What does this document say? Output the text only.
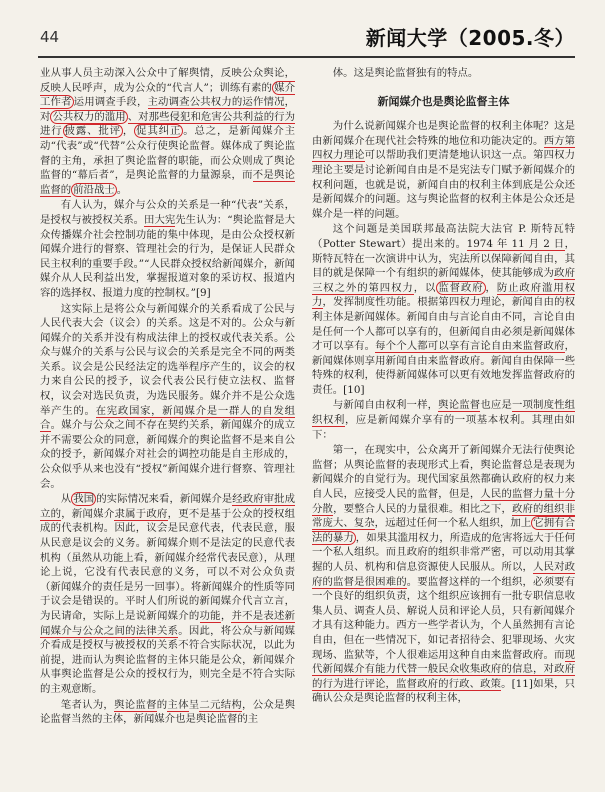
44	新闻大学（2005.冬）

业从事人员主动深入公众中了解舆情，反映公众舆论，反映人民呼声，成为公众的“代言人”；训练有素的 媒介工作者 运用调查手段，主动调查公共权力的运作情况，对 公共权力的滥用 、对那些侵犯和危害公共利益的行为进行 披露、批评 ， 促其纠正 。总之，是新闻媒介主动“代表”或“代替”公众行使舆论监督。媒体成了舆论监督的主角，承担了舆论监督的职能，而公众则成了舆论监督的“幕后者”，是舆论监督的力量源泉，而不是舆论监督的 前沿战士 。

有人认为，媒介与公众的关系是一种“代表”关系，是授权与被授权关系。田大宪先生认为：“舆论监督是大众传播媒介社会控制功能的集中体现，是由公众授权新闻媒介进行的督察、管理社会的行为，是保证人民群众民主权利的重要手段。”“人民群众授权给新闻媒介，新闻媒介从人民利益出发，掌握报道对象的采访权、报道内容的选择权、报道力度的控制权。”[9]

这实际上是将公众与新闻媒介的关系看成了公民与人民代表大会（议会）的关系。这是不对的。公众与新闻媒介的关系并没有构成法律上的授权或代表关系。公众与媒介的关系与公民与议会的关系是完全不同的两类关系。议会是公民经法定的选举程序产生的，议会的权力来自公民的授予，议会代表公民行使立法权、监督权，议会对选民负责，为选民服务。媒介并不是公众选举产生的。在宪政国家，新闻媒介是一群人的自发组合。媒介与公众之间不存在契约关系，新闻媒介的成立并不需要公众的同意，新闻媒介的舆论监督不是来自公众的授予，新闻媒介对社会的调控功能是自主形成的，公众似乎从来也没有“授权”新闻媒介进行督察、管理社会。

从 我国 的实际情况来看，新闻媒介是经政府审批成立的，新闻媒介隶属于政府，更不是基于公众的授权组成的代表机构。因此，议会是民意代表，代表民意，服从民意是议会的义务。新闻媒介则不是法定的民意代表机构（虽然从功能上看，新闻媒介经常代表民意），从理论上说，它没有代表民意的义务，可以不对公众负责（新闻媒介的责任是另一回事）。将新闻媒介的性质等同于议会是错误的。平时人们所说的新闻媒介代言立言，为民请命，实际上是说新闻媒介的功能，并不是表述新闻媒介与公众之间的法律关系。因此，将公众与新闻媒介看成是授权与被授权的关系不符合实际状况，以此为前提，进而认为舆论监督的主体只能是公众，新闻媒介从事舆论监督是公众的授权行为，则完全是不符合实际的主观意断。

笔者认为，舆论监督的主体呈二元结构，公众是舆论监督当然的主体，新闻媒介也是舆论监督的主

体。这是舆论监督独有的特点。

新闻媒介也是舆论监督主体

为什么说新闻媒介也是舆论监督的权利主体呢？这是由新闻媒介在现代社会特殊的地位和功能决定的。西方第四权力理论可以帮助我们更清楚地认识这一点。第四权力理论主要是讨论新闻自由是不是宪法专门赋予新闻媒介的权利问题，也就是说，新闻自由的权利主体到底是公众还是新闻媒介的问题。这与舆论监督的权利主体是公众还是媒介是一样的问题。

这个问题是美国联邦最高法院大法官 P. 斯特瓦特（Potter Stewart）提出来的。1974 年 11 月 2 日，斯特瓦特在一次演讲中认为，宪法所以保障新闻自由，其目的就是保障一个有组织的新闻媒体，使其能够成为政府三权之外的第四权力，以 监督政府 ，防止政府滥用权力，发挥制度性功能。根据第四权力理论，新闻自由的权利主体是新闻媒体。新闻自由与言论自由不同，言论自由是任何一个人都可以享有的，但新闻自由必须是新闻媒体才可以享有。每个个人都可以享有言论自由来监督政府，新闻媒体则享用新闻自由来监督政府。新闻自由保障一些特殊的权利，使得新闻媒体可以更有效地发挥监督政府的责任。[10]

与新闻自由权利一样，舆论监督也应是一项制度性组织权利，应是新闻媒介享有的一项基本权利。其理由如下：

第一，在现实中，公众离开了新闻媒介无法行使舆论监督；从舆论监督的表现形式上看，舆论监督总是表现为新闻媒介的自觉行为。现代国家虽然都确认政府的权力来自人民，应接受人民的监督，但是，人民的监督力量十分分散，要整合人民的力量很难。相比之下，政府的组织非常庞大、复杂，远超过任何一个私人组织，加上 它拥有合法的暴力 ，如果其滥用权力，所造成的危害将远大于任何一个私人组织。而且政府的组织非常严密，可以动用其掌握的人员、机构和信息资源使人民服从。所以，人民对政府的监督是很困难的。要监督这样的一个组织，必须要有一个良好的组织负责，这个组织应该拥有一批专职信息收集人员、调查人员、解说人员和评论人员，只有新闻媒介才具有这种能力。西方一些学者认为，个人虽然拥有言论自由，但在一些情况下，如记者招待会、犯罪现场、火灾现场、监狱等，个人很难运用这种自由来监督政府。而现代新闻媒介有能力代替一般民众收集政府的信息，对政府的行为进行评论，监督政府的行政、政策。[11]如果，只确认公众是舆论监督的权利主体，
